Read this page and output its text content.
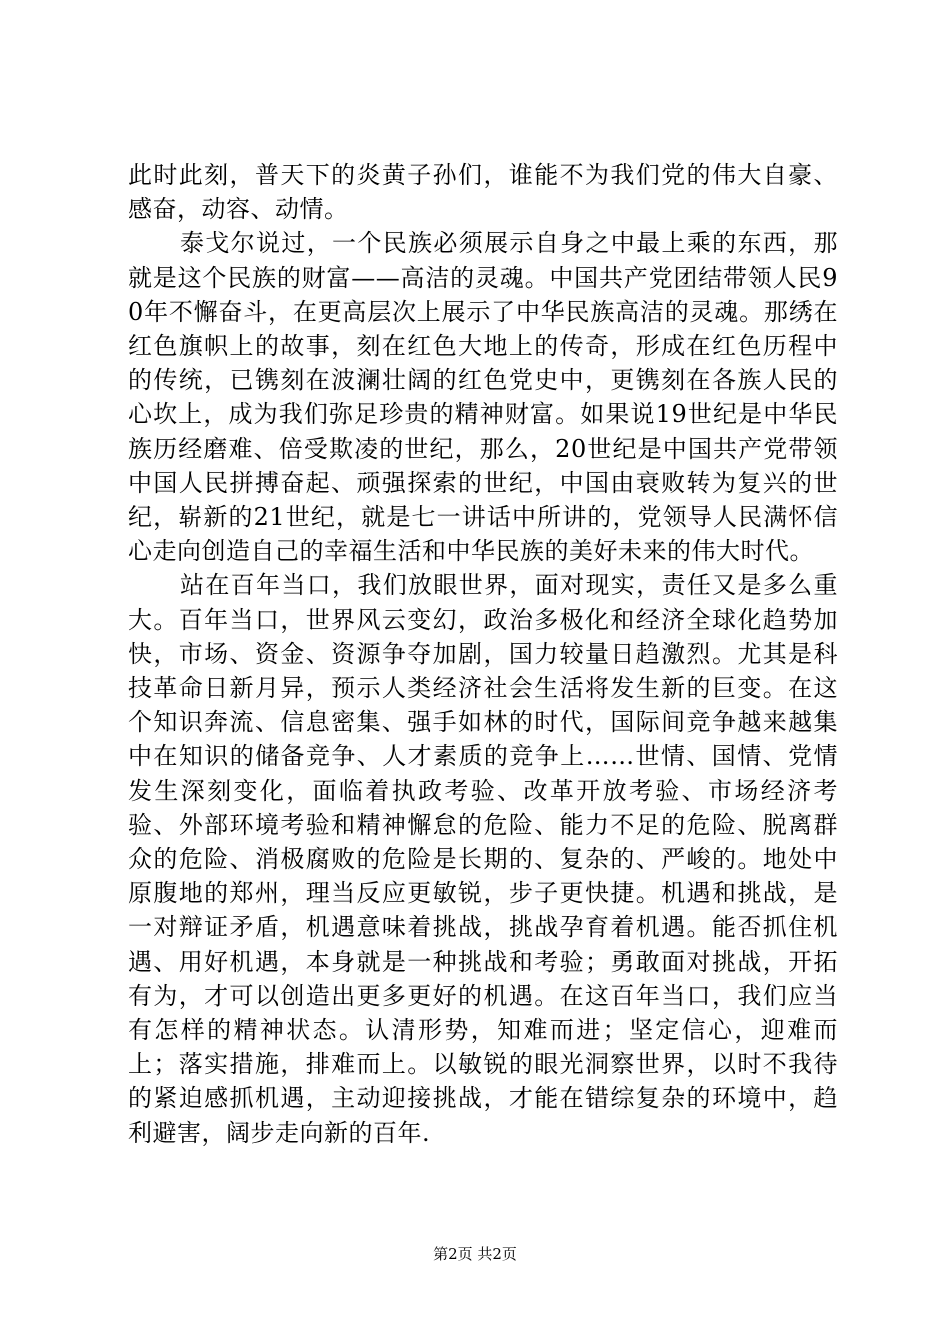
此时此刻，普天下的炎黄子孙们，谁能不为我们党的伟大自豪、感奋，动容、动情。

泰戈尔说过，一个民族必须展示自身之中最上乘的东西，那就是这个民族的财富——高洁的灵魂。中国共产党团结带领人民90年不懈奋斗，在更高层次上展示了中华民族高洁的灵魂。那绣在红色旗帜上的故事，刻在红色大地上的传奇，形成在红色历程中的传统，已镌刻在波澜壮阔的红色党史中，更镌刻在各族人民的心坎上，成为我们弥足珍贵的精神财富。如果说19世纪是中华民族历经磨难、倍受欺凌的世纪，那么，20世纪是中国共产党带领中国人民拼搏奋起、顽强探索的世纪，中国由衰败转为复兴的世纪，崭新的21世纪，就是七一讲话中所讲的，党领导人民满怀信心走向创造自己的幸福生活和中华民族的美好未来的伟大时代。

站在百年当口，我们放眼世界，面对现实，责任又是多么重大。百年当口，世界风云变幻，政治多极化和经济全球化趋势加快，市场、资金、资源争夺加剧，国力较量日趋激烈。尤其是科技革命日新月异，预示人类经济社会生活将发生新的巨变。在这个知识奔流、信息密集、强手如林的时代，国际间竞争越来越集中在知识的储备竞争、人才素质的竞争上……世情、国情、党情发生深刻变化，面临着执政考验、改革开放考验、市场经济考验、外部环境考验和精神懈怠的危险、能力不足的危险、脱离群众的危险、消极腐败的危险是长期的、复杂的、严峻的。地处中原腹地的郑州，理当反应更敏锐，步子更快捷。机遇和挑战，是一对辩证矛盾，机遇意味着挑战，挑战孕育着机遇。能否抓住机遇、用好机遇，本身就是一种挑战和考验；勇敢面对挑战，开拓有为，才可以创造出更多更好的机遇。在这百年当口，我们应当有怎样的精神状态。认清形势，知难而进；坚定信心，迎难而上；落实措施，排难而上。以敏锐的眼光洞察世界，以时不我待的紧迫感抓机遇，主动迎接挑战，才能在错综复杂的环境中，趋利避害，阔步走向新的百年.

第2页 共2页
